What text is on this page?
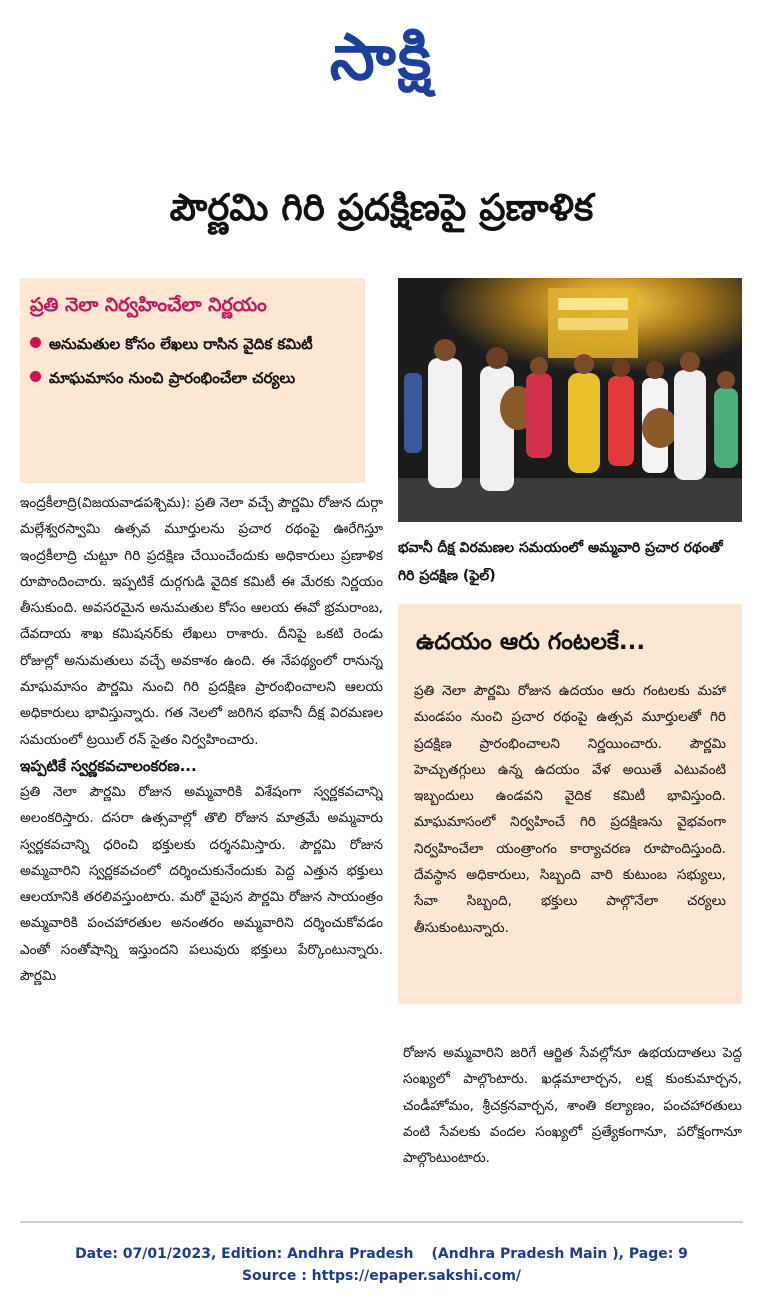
సాక్షి
పౌర్ణమి గిరి ప్రదక్షిణపై ప్రణాళిక
ప్రతి నెలా నిర్వహించేలా నిర్ణయం
అనుమతుల కోసం లేఖలు రాసిన వైదిక కమిటీ
మాఘమాసం నుంచి ప్రారంభించేలా చర్యలు
భవానీ దీక్ష విరమణల సమయంలో అమ్మవారి ప్రచార రథంతో గిరి ప్రదక్షిణ (ఫైల్)

ఇంద్రకీలాద్రి(విజయవాడపశ్చిమ): ప్రతి నెలా వచ్చే పౌర్ణమి రోజున దుర్గా మల్లేశ్వరస్వామి ఉత్సవ మూర్తులను ప్రచార రథంపై ఊరేగిస్తూ ఇంద్రకీలాద్రి చుట్టూ గిరి ప్రదక్షిణ చేయించేందుకు అధికారులు ప్రణాళిక రూపొందించారు. ఇప్పటికే దుర్గగుడి వైదిక కమిటీ ఈ మేరకు నిర్ణయం తీసుకుంది. అవసరమైన అనుమతుల కోసం ఆలయ ఈవో భ్రమరాంబ, దేవదాయ శాఖ కమిషనర్‌కు లేఖలు రాశారు. దీనిపై ఒకటి రెండు రోజుల్లో అనుమతులు వచ్చే అవకాశం ఉంది. ఈ నేపథ్యంలో రానున్న మాఘమాసం పౌర్ణమి నుంచి గిరి ప్రదక్షిణ ప్రారంభించాలని ఆలయ అధికారులు భావిస్తున్నారు. గత నెలలో జరిగిన భవానీ దీక్ష విరమణల సమయంలో ట్రయిల్ రన్ సైతం నిర్వహించారు.

ఇప్పటికే స్వర్ణకవచాలంకరణ...

ప్రతి నెలా పౌర్ణమి రోజున అమ్మవారికి విశేషంగా స్వర్ణకవచాన్ని అలంకరిస్తారు. దసరా ఉత్సవాల్లో తొలి రోజున మాత్రమే అమ్మవారు స్వర్ణకవచాన్ని ధరించి భక్తులకు దర్శనమిస్తారు. పౌర్ణమి రోజున అమ్మవారిని స్వర్ణకవచంలో దర్శించుకునేందుకు పెద్ద ఎత్తున భక్తులు ఆలయానికి తరలివస్తుంటారు. మరో వైపున పౌర్ణమి రోజున సాయంత్రం అమ్మవారికి పంచహారతుల అనంతరం అమ్మవారిని దర్శించుకోవడం ఎంతో సంతోషాన్ని ఇస్తుందని పలువురు భక్తులు పేర్కొంటున్నారు. పౌర్ణమి

ఉదయం ఆరు గంటలకే...
ప్రతి నెలా పౌర్ణమి రోజున ఉదయం ఆరు గంటలకు మహా మండపం నుంచి ప్రచార రథంపై ఉత్సవ మూర్తులతో గిరి ప్రదక్షిణ ప్రారంభించాలని నిర్ణయించారు. పౌర్ణమి హెచ్చుతగ్గులు ఉన్న ఉదయం వేళ అయితే ఎటువంటి ఇబ్బందులు ఉండవని వైదిక కమిటీ భావిస్తుంది. మాఘమాసంలో నిర్వహించే గిరి ప్రదక్షిణను వైభవంగా నిర్వహించేలా యంత్రాంగం కార్యాచరణ రూపొందిస్తుంది. దేవస్థాన అధికారులు, సిబ్బంది వారి కుటుంబ సభ్యులు, సేవా సిబ్బంది, భక్తులు పాల్గొనేలా చర్యలు తీసుకుంటున్నారు.

రోజున అమ్మవారిని జరిగే ఆర్జిత సేవల్లోనూ ఉభయదాతలు పెద్ద సంఖ్యలో పాల్గొంటారు. ఖడ్గమాలార్చన, లక్ష కుంకుమార్చన, చండీహోమం, శ్రీచక్రనవార్చన, శాంతి కల్యాణం, పంచహారతులు వంటి సేవలకు వందల సంఖ్యలో ప్రత్యేకంగానూ, పరోక్షంగానూ పాల్గొంటుంటారు.

Date: 07/01/2023, Edition: Andhra Pradesh (Andhra Pradesh Main ), Page: 9
Source : https://epaper.sakshi.com/
